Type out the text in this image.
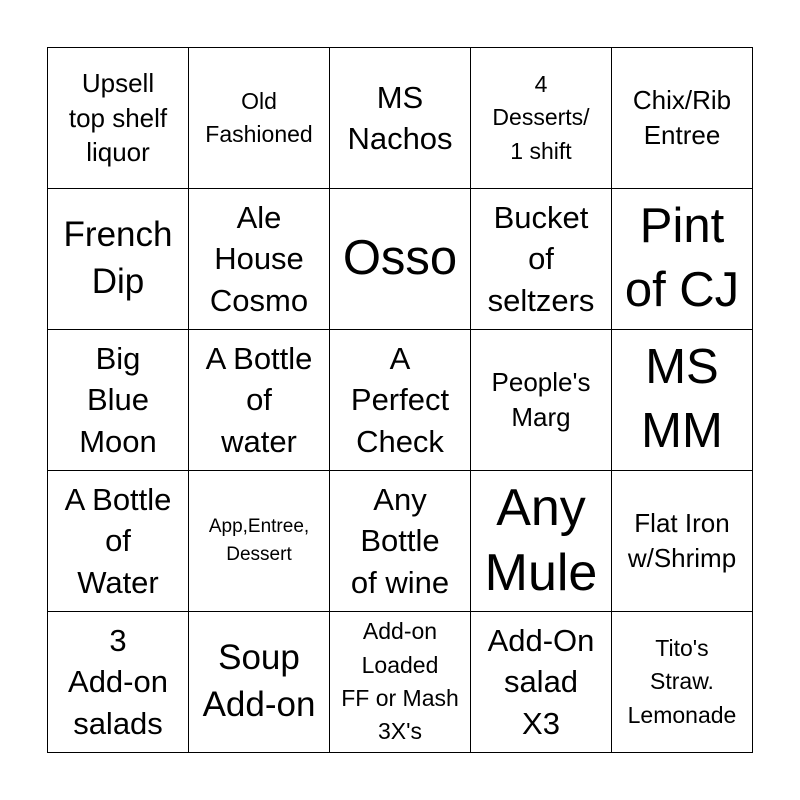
Upsell
top shelf
liquor
Old
Fashioned
MS
Nachos
4
Desserts/
1 shift
Chix/Rib
Entree
French
Dip
Ale
House
Cosmo
Osso
Bucket
of
seltzers
Pint
of CJ
Big
Blue
Moon
A Bottle
of
water
A
Perfect
Check
People's
Marg
MS
MM
A Bottle
of
Water
App,Entree,
Dessert
Any
Bottle
of wine
Any
Mule
Flat Iron
w/Shrimp
3
Add-on
salads
Soup
Add-on
Add-on
Loaded
FF or Mash
3X's
Add-On
salad
X3
Tito's
Straw.
Lemonade
